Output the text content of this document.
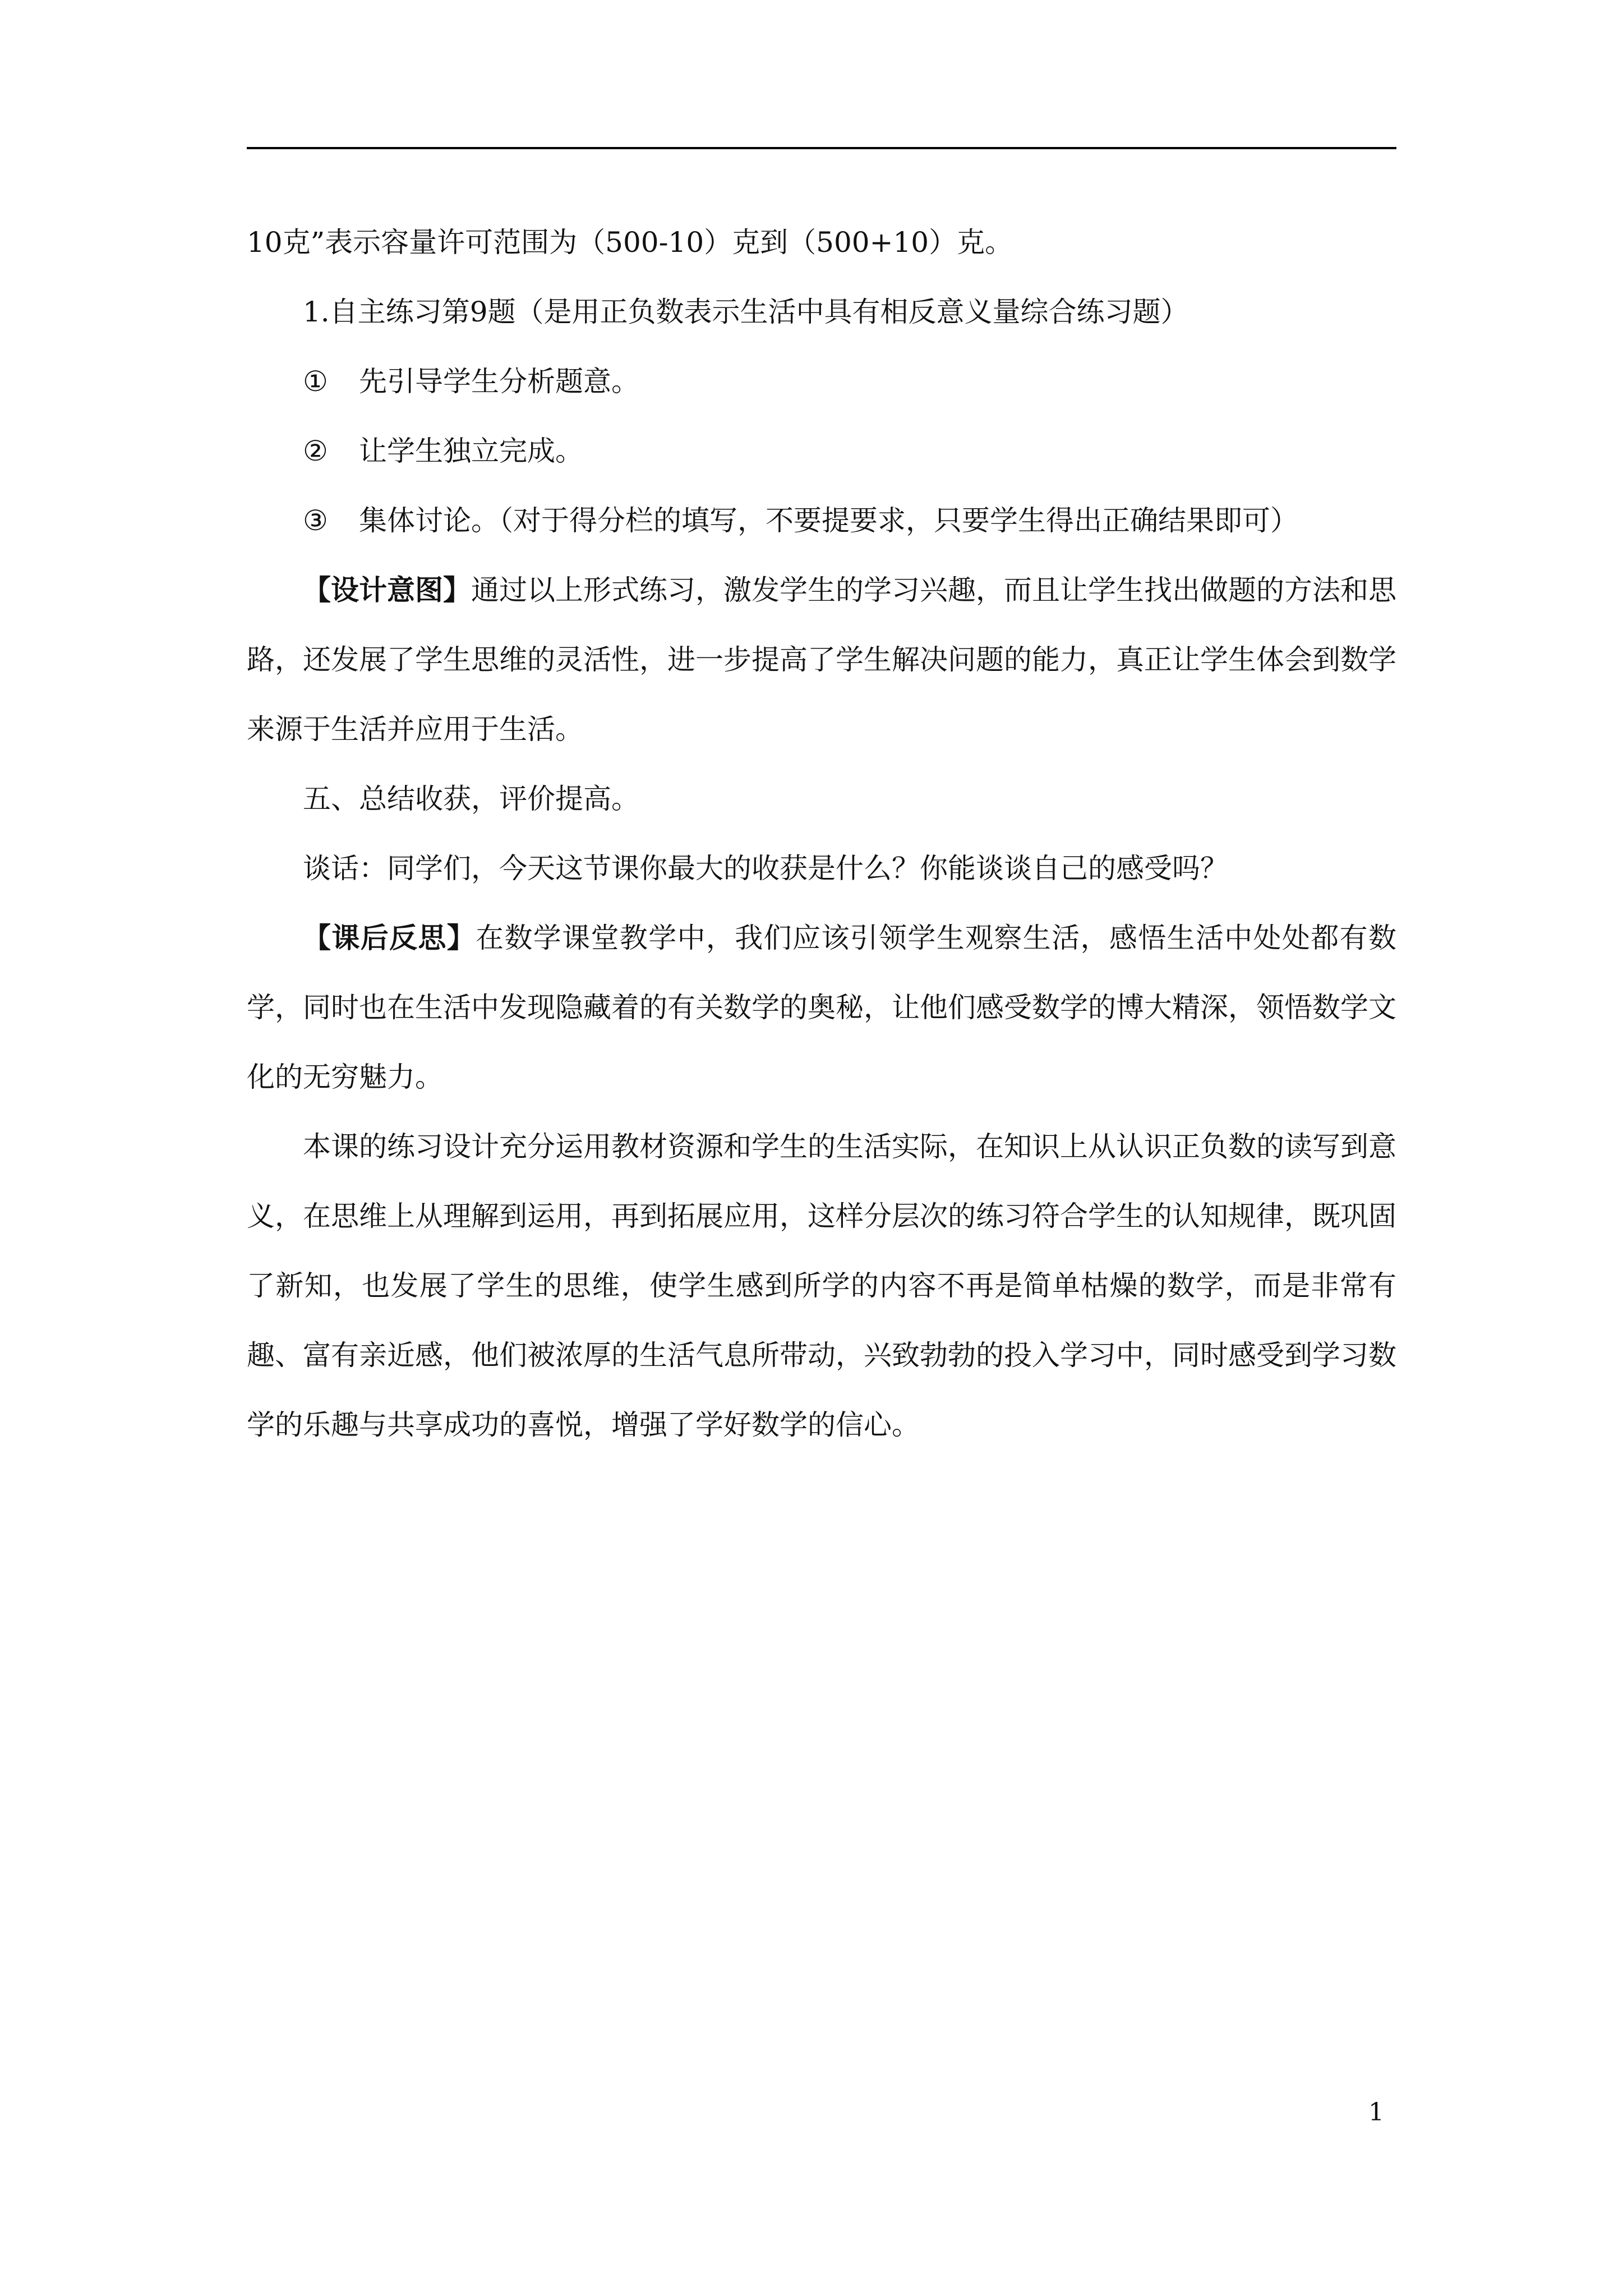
10克”表示容量许可范围为（500-10）克到（500+10）克。

1.自主练习第9题（是用正负数表示生活中具有相反意义量综合练习题）

① 先引导学生分析题意。

② 让学生独立完成。

③ 集体讨论。（对于得分栏的填写，不要提要求，只要学生得出正确结果即可）

【设计意图】通过以上形式练习，激发学生的学习兴趣，而且让学生找出做题的方法和思路，还发展了学生思维的灵活性，进一步提高了学生解决问题的能力，真正让学生体会到数学来源于生活并应用于生活。

五、总结收获，评价提高。

谈话：同学们，今天这节课你最大的收获是什么？你能谈谈自己的感受吗？

【课后反思】在数学课堂教学中，我们应该引领学生观察生活，感悟生活中处处都有数学，同时也在生活中发现隐藏着的有关数学的奥秘，让他们感受数学的博大精深，领悟数学文化的无穷魅力。

本课的练习设计充分运用教材资源和学生的生活实际，在知识上从认识正负数的读写到意义，在思维上从理解到运用，再到拓展应用，这样分层次的练习符合学生的认知规律，既巩固了新知，也发展了学生的思维，使学生感到所学的内容不再是简单枯燥的数学，而是非常有趣、富有亲近感，他们被浓厚的生活气息所带动，兴致勃勃的投入学习中，同时感受到学习数学的乐趣与共享成功的喜悦，增强了学好数学的信心。

1
